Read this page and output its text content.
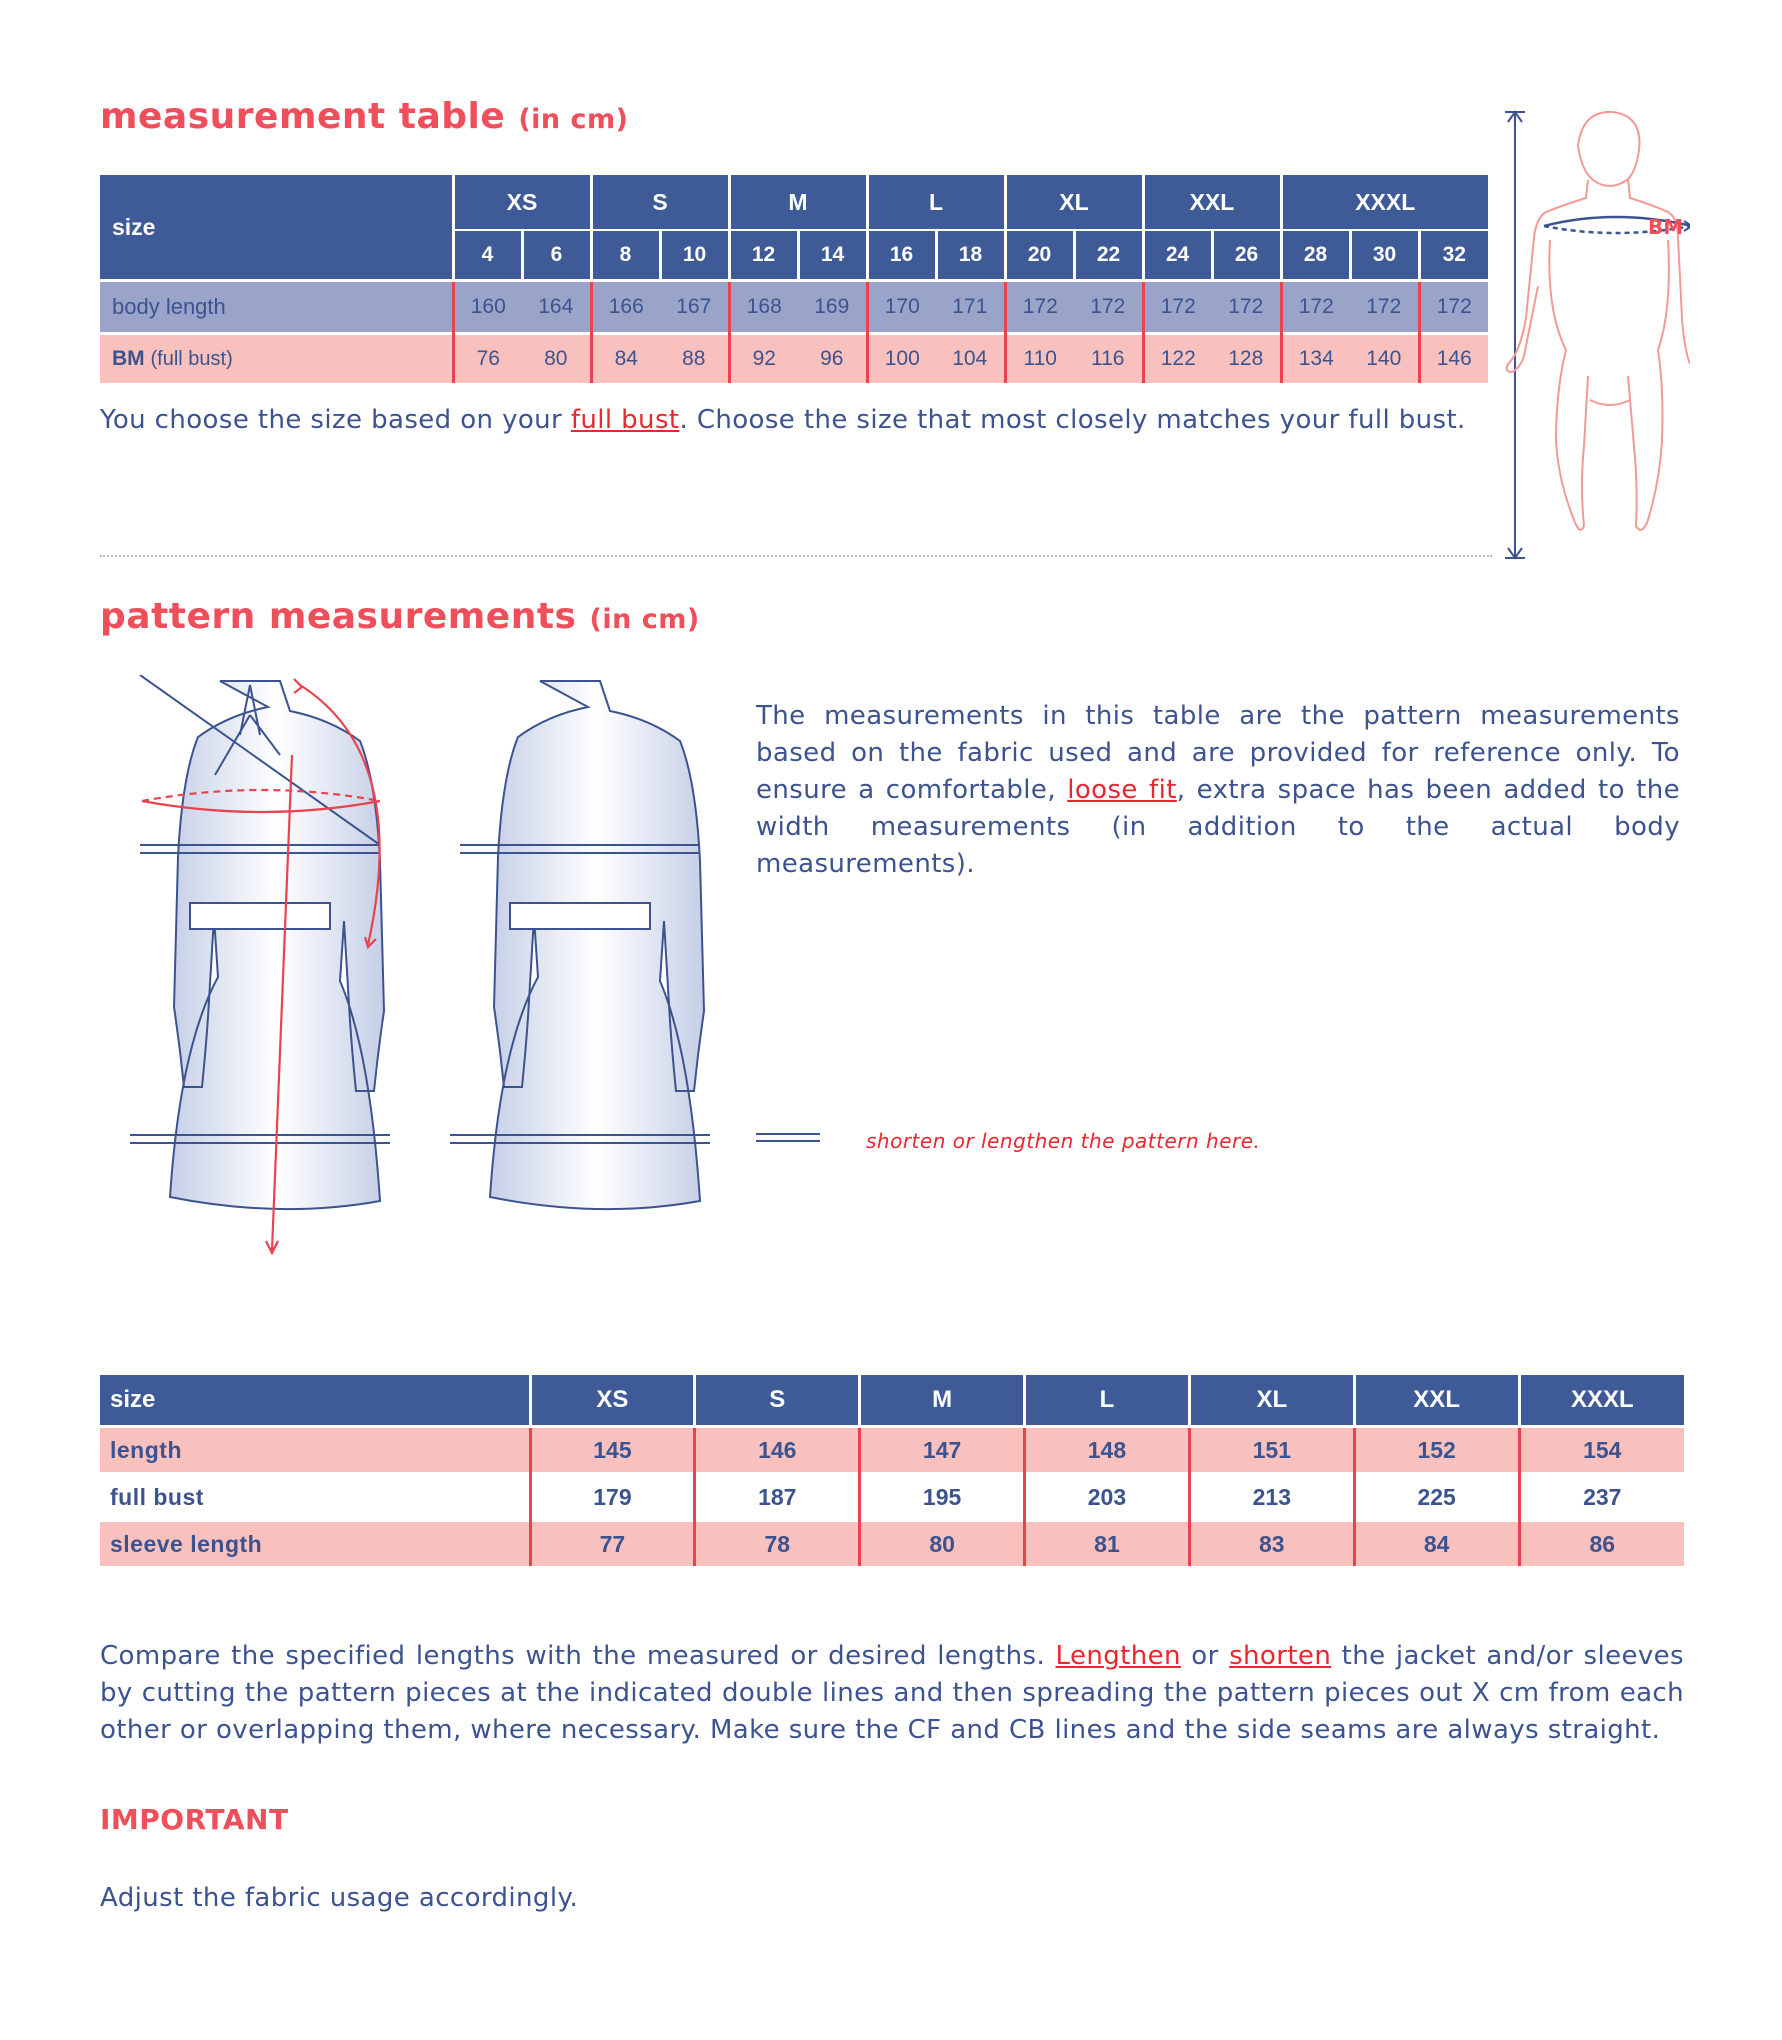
measurement table (in cm)
size	XS		S		M		L		XL		XXL		XXXL		
	4	6	8	10	12	14	16	18	20	22	24	26	28	30	32
body length	160	164	166	167	168	169	170	171	172	172	172	172	172	172	172
BM (full bust)	76	80	84	88	92	96	100	104	110	116	122	128	134	140	146

You choose the size based on your full bust. Choose the size that most closely matches your full bust.

BM
pattern measurements (in cm)

The measurements in this table are the pattern measurements based on the fabric used and are provided for reference only. To ensure a comfortable, loose fit, extra space has been added to the width measurements (in addition to the actual body measurements).

shorten or lengthen the pattern here.
size	XS	S	M	L	XL	XXL	XXXL
length	145	146	147	148	151	152	154
full bust	179	187	195	203	213	225	237
sleeve length	77	78	80	81	83	84	86

Compare the specified lengths with the measured or desired lengths. Lengthen or shorten the jacket and/or sleeves by cutting the pattern pieces at the indicated double lines and then spreading the pattern pieces out X cm from each other or overlapping them, where necessary. Make sure the CF and CB lines and the side seams are always straight.

IMPORTANT

Adjust the fabric usage accordingly.
